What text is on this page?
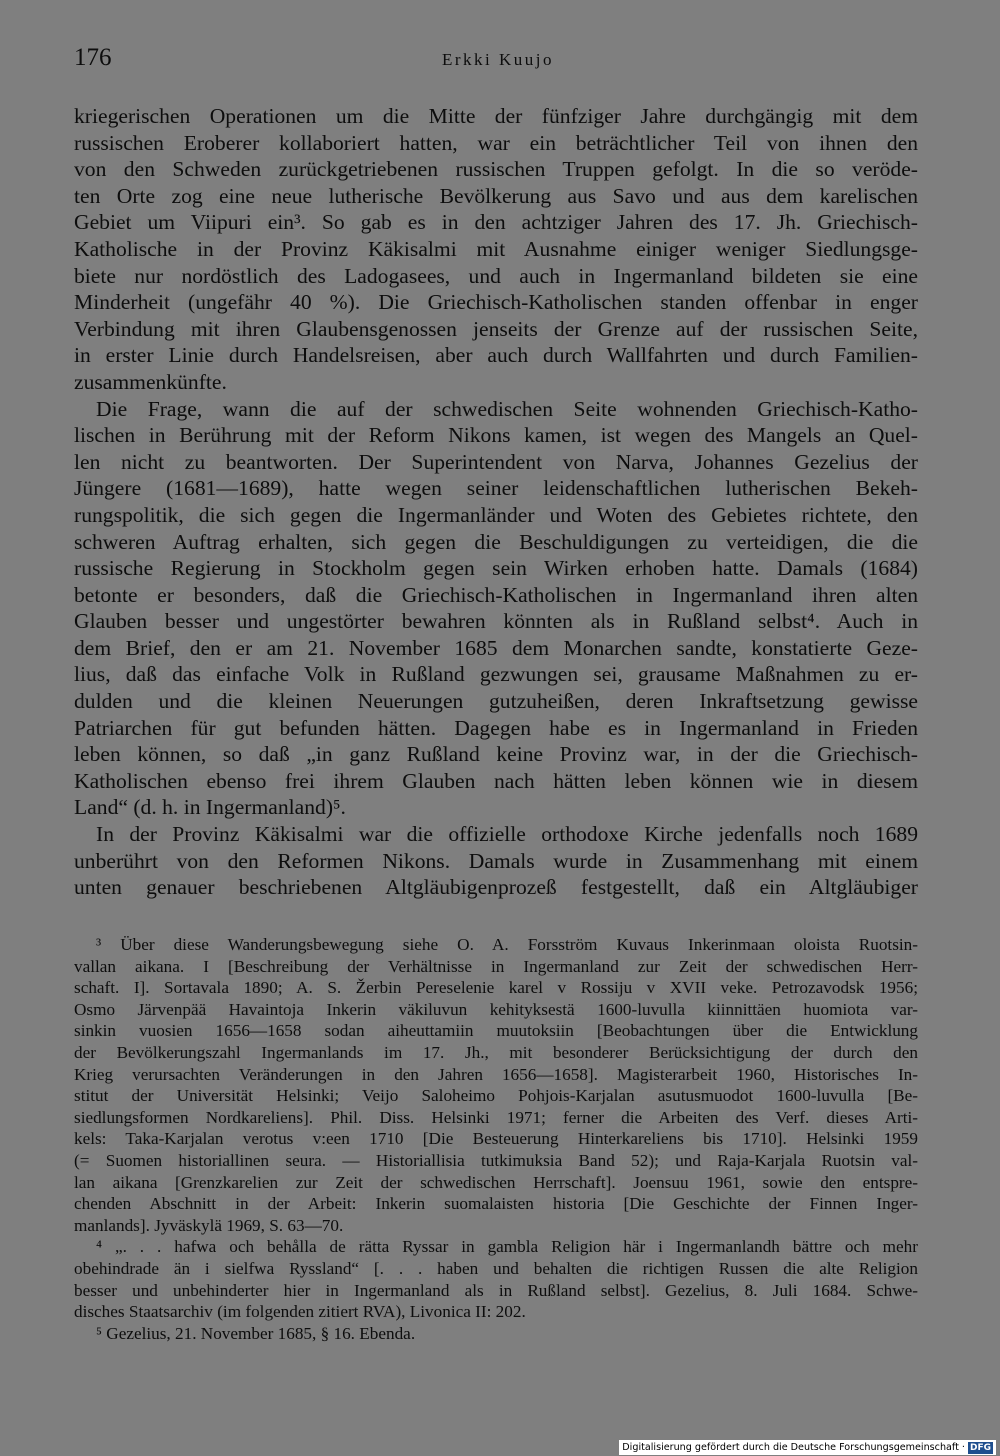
176	Erkki Kuujo
kriegerischen Operationen um die Mitte der fünfziger Jahre durchgängig mit dem
russischen Eroberer kollaboriert hatten, war ein beträchtlicher Teil von ihnen den
von den Schweden zurückgetriebenen russischen Truppen gefolgt. In die so veröde-
ten Orte zog eine neue lutherische Bevölkerung aus Savo und aus dem karelischen
Gebiet um Viipuri ein³. So gab es in den achtziger Jahren des 17. Jh. Griechisch-
Katholische in der Provinz Käkisalmi mit Ausnahme einiger weniger Siedlungsge-
biete nur nordöstlich des Ladogasees, und auch in Ingermanland bildeten sie eine
Minderheit (ungefähr 40 %). Die Griechisch-Katholischen standen offenbar in enger
Verbindung mit ihren Glaubensgenossen jenseits der Grenze auf der russischen Seite,
in erster Linie durch Handelsreisen, aber auch durch Wallfahrten und durch Familien-
zusammenkünfte.
Die Frage, wann die auf der schwedischen Seite wohnenden Griechisch-Katho-
lischen in Berührung mit der Reform Nikons kamen, ist wegen des Mangels an Quel-
len nicht zu beantworten. Der Superintendent von Narva, Johannes Gezelius der
Jüngere (1681—1689), hatte wegen seiner leidenschaftlichen lutherischen Bekeh-
rungspolitik, die sich gegen die Ingermanländer und Woten des Gebietes richtete, den
schweren Auftrag erhalten, sich gegen die Beschuldigungen zu verteidigen, die die
russische Regierung in Stockholm gegen sein Wirken erhoben hatte. Damals (1684)
betonte er besonders, daß die Griechisch-Katholischen in Ingermanland ihren alten
Glauben besser und ungestörter bewahren könnten als in Rußland selbst⁴. Auch in
dem Brief, den er am 21. November 1685 dem Monarchen sandte, konstatierte Geze-
lius, daß das einfache Volk in Rußland gezwungen sei, grausame Maßnahmen zu er-
dulden und die kleinen Neuerungen gutzuheißen, deren Inkraftsetzung gewisse
Patriarchen für gut befunden hätten. Dagegen habe es in Ingermanland in Frieden
leben können, so daß „in ganz Rußland keine Provinz war, in der die Griechisch-
Katholischen ebenso frei ihrem Glauben nach hätten leben können wie in diesem
Land“ (d. h. in Ingermanland)⁵.
In der Provinz Käkisalmi war die offizielle orthodoxe Kirche jedenfalls noch 1689
unberührt von den Reformen Nikons. Damals wurde in Zusammenhang mit einem
unten genauer beschriebenen Altgläubigenprozeß festgestellt, daß ein Altgläubiger
³ Über diese Wanderungsbewegung siehe O. A. Forsström Kuvaus Inkerinmaan oloista Ruotsin-
vallan aikana. I [Beschreibung der Verhältnisse in Ingermanland zur Zeit der schwedischen Herr-
schaft. I]. Sortavala 1890; A. S. Žerbin Pereselenie karel v Rossiju v XVII veke. Petrozavodsk 1956;
Osmo Järvenpää Havaintoja Inkerin väkiluvun kehityksestä 1600-luvulla kiinnittäen huomiota var-
sinkin vuosien 1656—1658 sodan aiheuttamiin muutoksiin [Beobachtungen über die Entwicklung
der Bevölkerungszahl Ingermanlands im 17. Jh., mit besonderer Berücksichtigung der durch den
Krieg verursachten Veränderungen in den Jahren 1656—1658]. Magisterarbeit 1960, Historisches In-
stitut der Universität Helsinki; Veijo Saloheimo Pohjois-Karjalan asutusmuodot 1600-luvulla [Be-
siedlungsformen Nordkareliens]. Phil. Diss. Helsinki 1971; ferner die Arbeiten des Verf. dieses Arti-
kels: Taka-Karjalan verotus v:een 1710 [Die Besteuerung Hinterkareliens bis 1710]. Helsinki 1959
(= Suomen historiallinen seura. — Historiallisia tutkimuksia Band 52); und Raja-Karjala Ruotsin val-
lan aikana [Grenzkarelien zur Zeit der schwedischen Herrschaft]. Joensuu 1961, sowie den entspre-
chenden Abschnitt in der Arbeit: Inkerin suomalaisten historia [Die Geschichte der Finnen Inger-
manlands]. Jyväskylä 1969, S. 63—70.
⁴ „. . . hafwa och behålla de rätta Ryssar in gambla Religion här i Ingermanlandh bättre och mehr
obehindrade än i sielfwa Ryssland“ [. . . haben und behalten die richtigen Russen die alte Religion
besser und unbehinderter hier in Ingermanland als in Rußland selbst]. Gezelius, 8. Juli 1684. Schwe-
disches Staatsarchiv (im folgenden zitiert RVA), Livonica II: 202.
⁵ Gezelius, 21. November 1685, § 16. Ebenda.
Digitalisierung gefördert durch die Deutsche Forschungsgemeinschaft · DFG
